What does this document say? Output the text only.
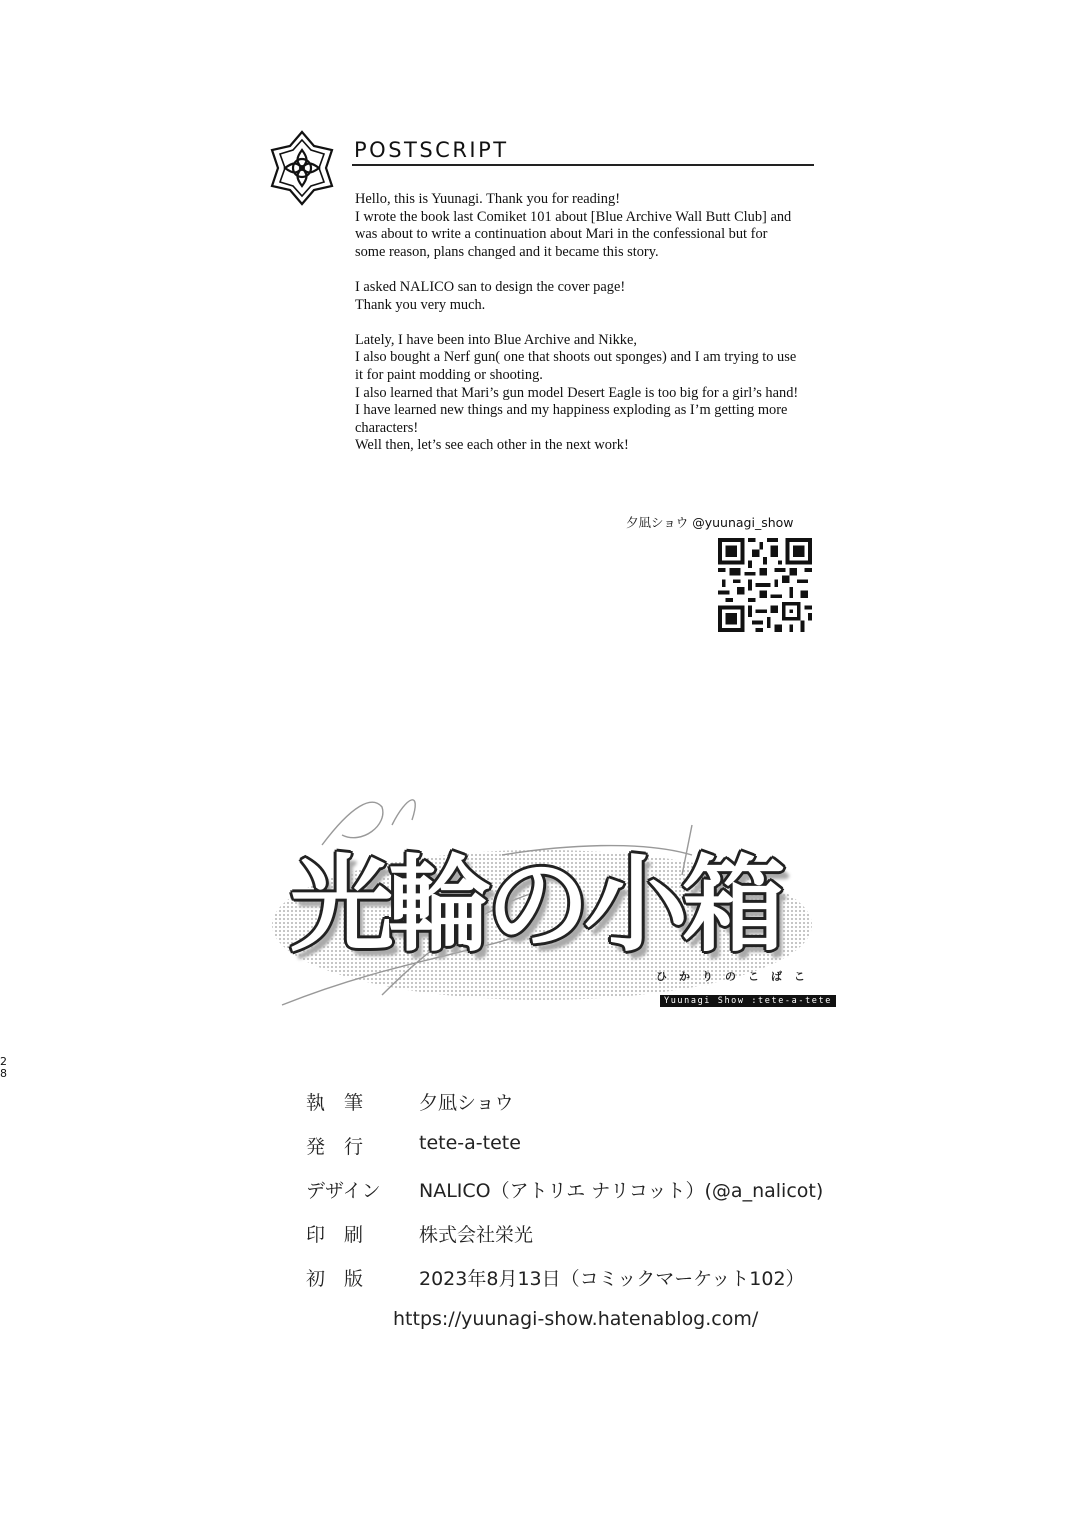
POSTSCRIPT

Hello, this is Yuunagi. Thank you for reading!
I wrote the book last Comiket 101 about [Blue Archive Wall Butt Club] and
was about to write a continuation about Mari in the confessional but for
some reason, plans changed and it became this story.

I asked NALICO san to design the cover page!
Thank you very much.

Lately, I have been into Blue Archive and Nikke,
I also bought a Nerf gun( one that shoots out sponges) and I am trying to use
it for paint modding or shooting.
I also learned that Mari’s gun model Desert Eagle is too big for a girl’s hand!
I have learned new things and my happiness exploding as I’m getting more
characters!
Well then, let’s see each other in the next work!

夕凪ショウ @yuunagi_show
光輪の小箱
ひかりのこばこ
Yuunagi Show :tete-a-tete
執　筆	夕凪ショウ
発　行	tete-a-tete
デザイン NALICO（アトリエ ナリコット）(@a_nalicot)
印　刷	株式会社栄光
初　版	2023年8月13日（コミックマーケット102）
https://yuunagi-show.hatenablog.com/
2
8
